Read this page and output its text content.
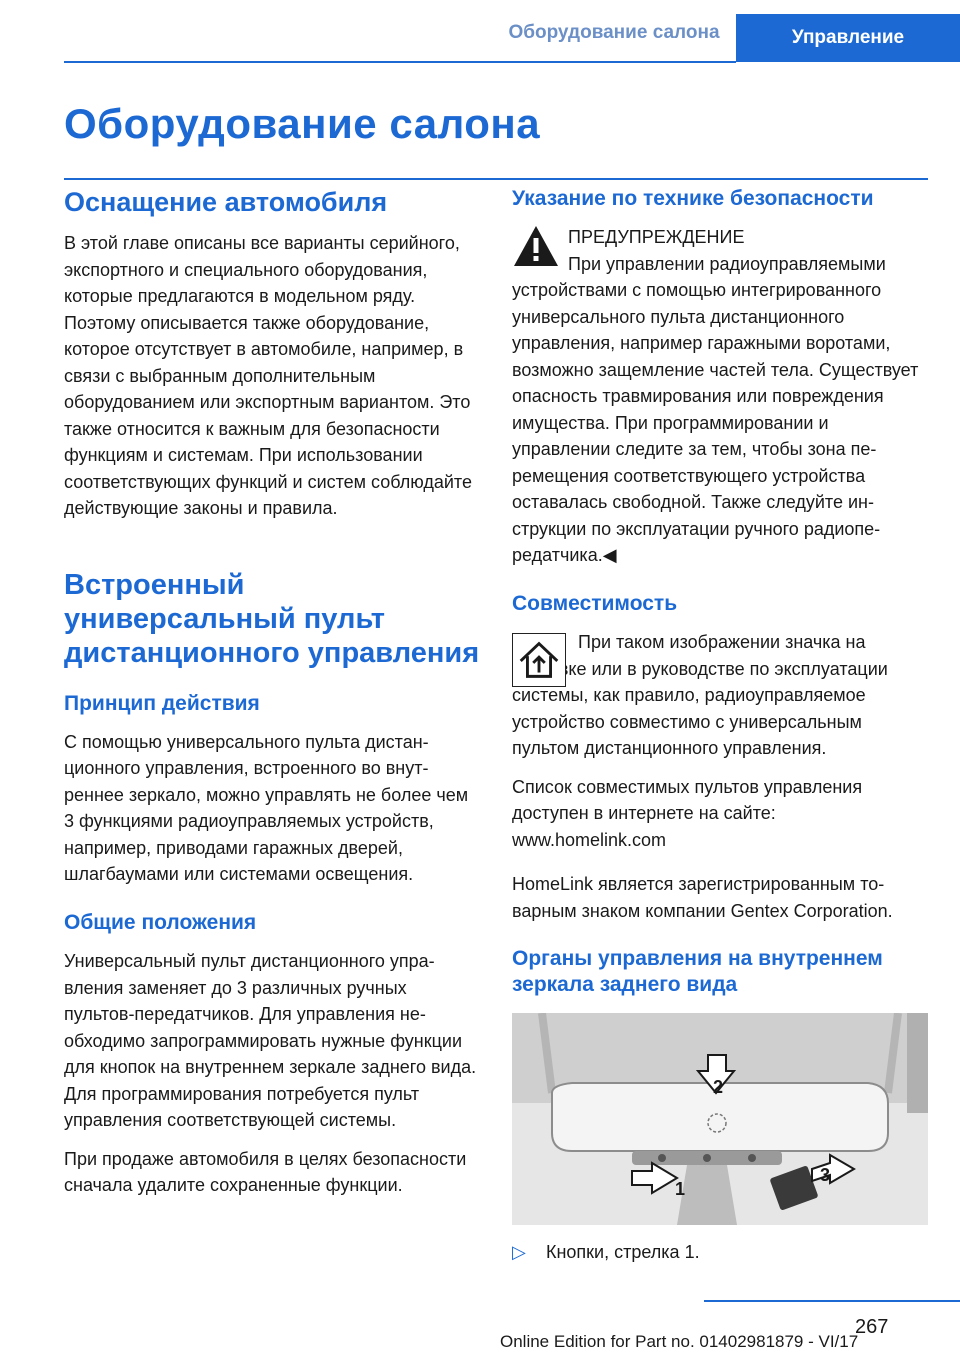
Оборудование салона	Управление
Оборудование салона
Оснащение автомобиля

В этой главе описаны все варианты серийного, экспортного и специального оборудования, которые предлагаются в модельном ряду. Поэтому описывается также оборудование, которое отсутствует в автомобиле, например, в связи с выбранным дополнительным оборудованием или экспортным вариантом. Это также относится к важным для безопасности функциям и системам. При использовании соответствующих функций и систем соблюдайте действующие законы и правила.

Встроенный универсальный пульт дистанционного управления
Принцип действия

С помощью универсального пульта дистанционного управления, встроенного во внутреннее зеркало, можно управлять не более чем 3 функциями радиоуправляемых устройств, например, приводами гаражных дверей, шлагбаумами или системами освещения.

Общие положения

Универсальный пульт дистанционного управления заменяет до 3 различных ручных пультов-передатчиков. Для управления необходимо запрограммировать нужные функции для кнопок на внутреннем зеркале заднего вида. Для программирования потребуется пульт управления соответствующей системы.

При продаже автомобиля в целях безопасности сначала удалите сохраненные функции.

Указание по технике безопасности

ПРЕДУПРЕЖДЕНИЕ

При управлении радиоуправляемыми устройствами с помощью интегрированного универсального пульта дистанционного управления, например гаражными воротами, возможно защемление частей тела. Существует опасность травмирования или повреждения имущества. При программировании и управлении следите за тем, чтобы зона перемещения соответствующего устройства оставалась свободной. Также следуйте инструкции по эксплуатации ручного радиопередатчика.◀

Совместимость

При таком изображении значка на упаковке или в руководстве по эксплуатации системы, как правило, радиоуправляемое устройство совместимо с универсальным пультом дистанционного управления.

Список совместимых пультов управления доступен в интернете на сайте:

www.homelink.com

HomeLink является зарегистрированным товарным знаком компании Gentex Corporation.

Органы управления на внутреннем зеркала заднего вида
2
1
3
▷	Кнопки, стрелка 1.
267
Online Edition for Part no. 01402981879 - VI/17
